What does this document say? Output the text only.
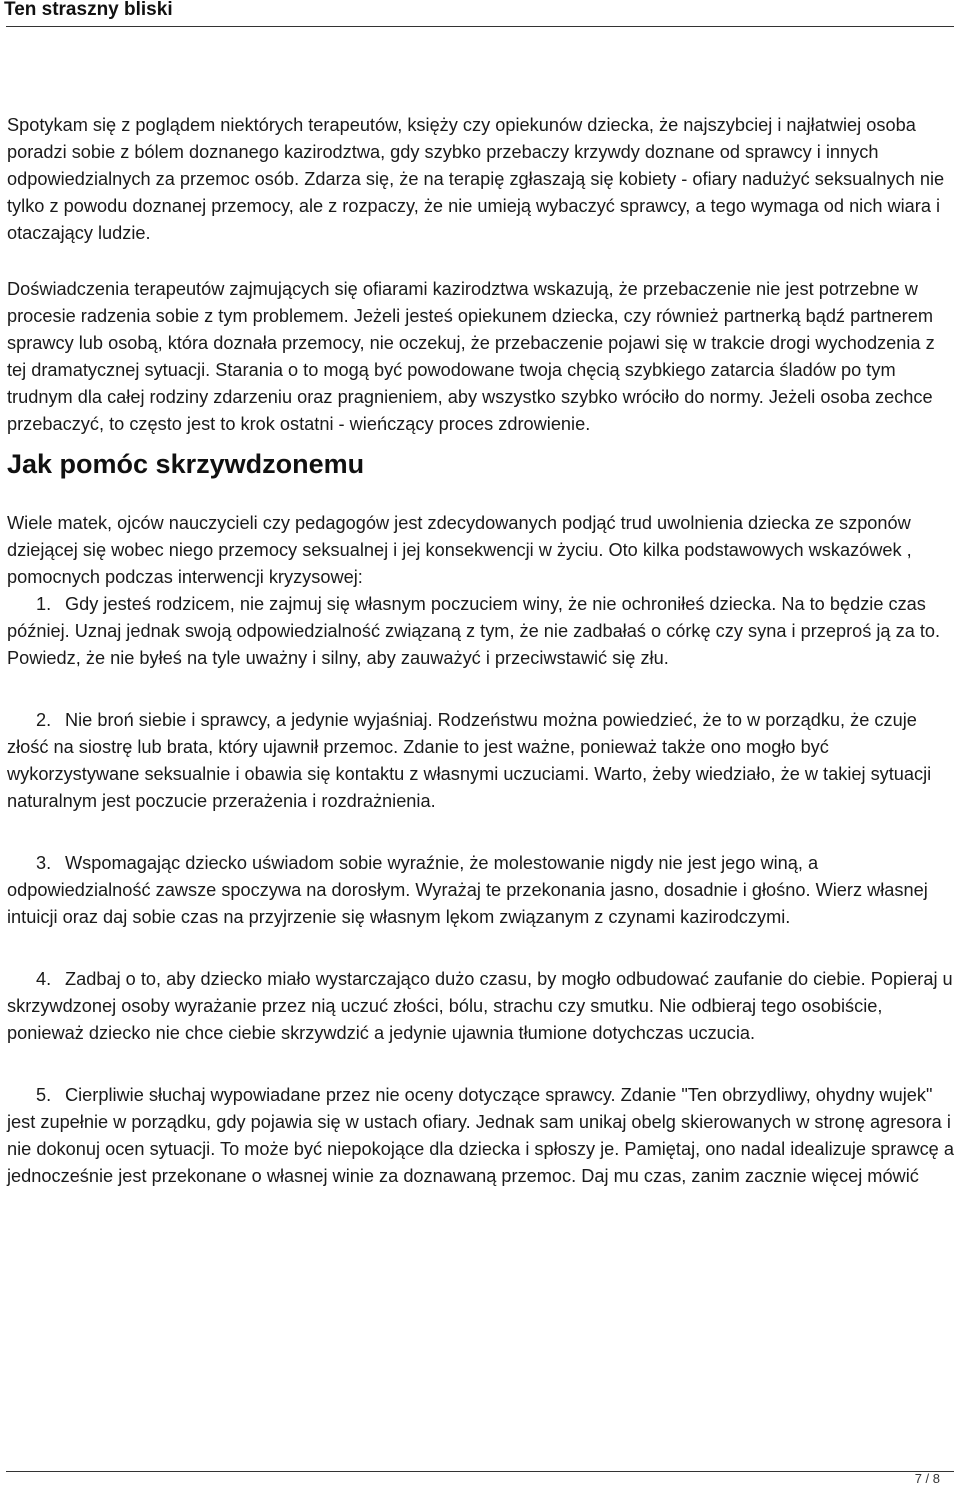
Ten straszny bliski

Spotykam się z poglądem niektórych terapeutów, księży czy opiekunów dziecka, że najszybciej i najłatwiej osoba poradzi sobie z bólem doznanego kazirodztwa, gdy szybko przebaczy krzywdy doznane od sprawcy i innych odpowiedzialnych za przemoc osób. Zdarza się, że na terapię zgłaszają się kobiety - ofiary nadużyć seksualnych nie tylko z powodu doznanej przemocy, ale z rozpaczy, że nie umieją wybaczyć sprawcy, a tego wymaga od nich wiara i otaczający ludzie.

Doświadczenia terapeutów zajmujących się ofiarami kazirodztwa wskazują, że przebaczenie nie jest potrzebne w procesie radzenia sobie z tym problemem. Jeżeli jesteś opiekunem dziecka, czy również partnerką bądź partnerem sprawcy lub osobą, która doznała przemocy, nie oczekuj, że przebaczenie pojawi się w trakcie drogi wychodzenia z tej dramatycznej sytuacji. Starania o to mogą być powodowane twoja chęcią szybkiego zatarcia śladów po tym trudnym dla całej rodziny zdarzeniu oraz pragnieniem, aby wszystko szybko wróciło do normy. Jeżeli osoba zechce przebaczyć, to często jest to krok ostatni - wieńczący proces zdrowienie.

Jak pomóc skrzywdzonemu

Wiele matek, ojców nauczycieli czy pedagogów jest zdecydowanych podjąć trud uwolnienia dziecka ze szponów dziejącej się wobec niego przemocy seksualnej i jej konsekwencji w życiu. Oto kilka podstawowych wskazówek , pomocnych podczas interwencji kryzysowej:

1. Gdy jesteś rodzicem, nie zajmuj się własnym poczuciem winy, że nie ochroniłeś dziecka. Na to będzie czas później. Uznaj jednak swoją odpowiedzialność związaną z tym, że nie zadbałaś o córkę czy syna i przeproś ją za to. Powiedz, że nie byłeś na tyle uważny i silny, aby zauważyć i przeciwstawić się złu.

2. Nie broń siebie i sprawcy, a jedynie wyjaśniaj. Rodzeństwu można powiedzieć, że to w porządku, że czuje złość na siostrę lub brata, który ujawnił przemoc. Zdanie to jest ważne, ponieważ także ono mogło być wykorzystywane seksualnie i obawia się kontaktu z własnymi uczuciami. Warto, żeby wiedziało, że w takiej sytuacji naturalnym jest poczucie przerażenia i rozdrażnienia.

3. Wspomagając dziecko uświadom sobie wyraźnie, że molestowanie nigdy nie jest jego winą, a odpowiedzialność zawsze spoczywa na dorosłym. Wyrażaj te przekonania jasno, dosadnie i głośno. Wierz własnej intuicji oraz daj sobie czas na przyjrzenie się własnym lękom związanym z czynami kazirodczymi.

4. Zadbaj o to, aby dziecko miało wystarczająco dużo czasu, by mogło odbudować zaufanie do ciebie. Popieraj u skrzywdzonej osoby wyrażanie przez nią uczuć złości, bólu, strachu czy smutku. Nie odbieraj tego osobiście, ponieważ dziecko nie chce ciebie skrzywdzić a jedynie ujawnia tłumione dotychczas uczucia.

5. Cierpliwie słuchaj wypowiadane przez nie oceny dotyczące sprawcy. Zdanie "Ten obrzydliwy, ohydny wujek" jest zupełnie w porządku, gdy pojawia się w ustach ofiary. Jednak sam unikaj obelg skierowanych w stronę agresora i nie dokonuj ocen sytuacji. To może być niepokojące dla dziecka i spłoszy je. Pamiętaj, ono nadal idealizuje sprawcę a jednocześnie jest przekonane o własnej winie za doznawaną przemoc. Daj mu czas, zanim zacznie więcej mówić

7 / 8
